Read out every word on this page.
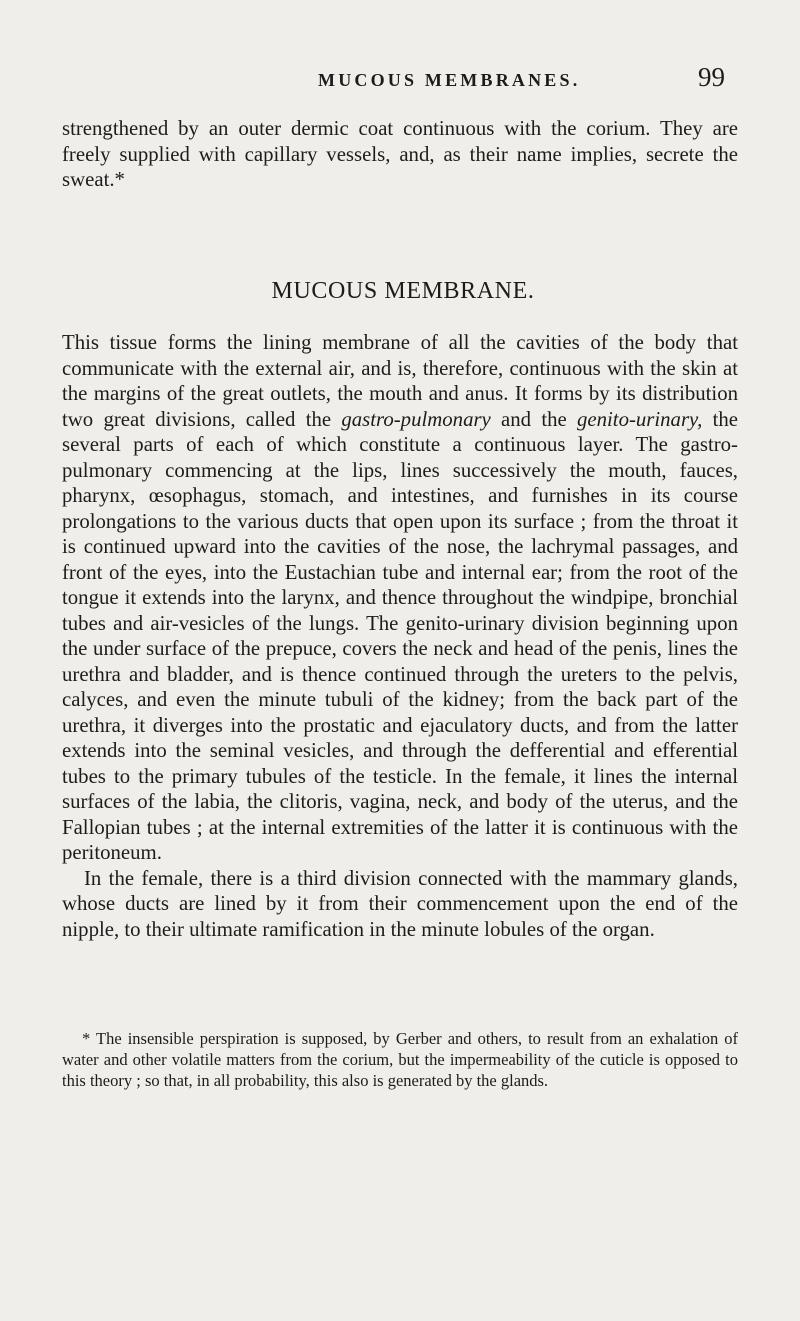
MUCOUS MEMBRANES.	99

strengthened by an outer dermic coat continuous with the corium. They are freely supplied with capillary vessels, and, as their name implies, secrete the sweat.*

MUCOUS MEMBRANE.

This tissue forms the lining membrane of all the cavities of the body that communicate with the external air, and is, therefore, continuous with the skin at the margins of the great outlets, the mouth and anus. It forms by its distribution two great divisions, called the gastro-pulmonary and the genito-urinary, the several parts of each of which constitute a continuous layer. The gastro-pulmonary commencing at the lips, lines successively the mouth, fauces, pharynx, œsophagus, stomach, and intestines, and furnishes in its course prolongations to the various ducts that open upon its surface ; from the throat it is continued upward into the cavities of the nose, the lachrymal passages, and front of the eyes, into the Eustachian tube and internal ear; from the root of the tongue it extends into the larynx, and thence throughout the windpipe, bronchial tubes and air-vesicles of the lungs. The genito-urinary division beginning upon the under surface of the prepuce, covers the neck and head of the penis, lines the urethra and bladder, and is thence continued through the ureters to the pelvis, calyces, and even the minute tubuli of the kidney; from the back part of the urethra, it diverges into the prostatic and ejaculatory ducts, and from the latter extends into the seminal vesicles, and through the defferential and efferential tubes to the primary tubules of the testicle. In the female, it lines the internal surfaces of the labia, the clitoris, vagina, neck, and body of the uterus, and the Fallopian tubes ; at the internal extremities of the latter it is continuous with the peritoneum.

In the female, there is a third division connected with the mammary glands, whose ducts are lined by it from their commencement upon the end of the nipple, to their ultimate ramification in the minute lobules of the organ.

* The insensible perspiration is supposed, by Gerber and others, to result from an exhalation of water and other volatile matters from the corium, but the impermeability of the cuticle is opposed to this theory ; so that, in all probability, this also is generated by the glands.
